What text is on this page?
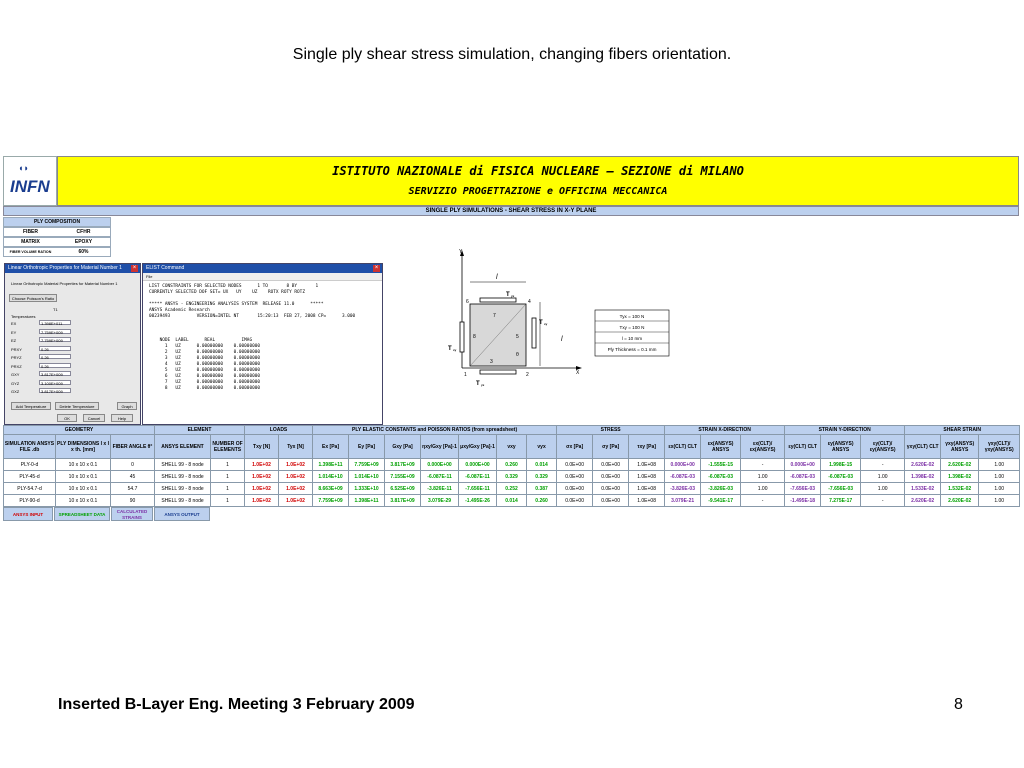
Single ply shear stress simulation, changing fibers orientation.
◖◗
INFN
ISTITUTO NAZIONALE di FISICA NUCLEARE – SEZIONE di MILANO
SERVIZIO PROGETTAZIONE e OFFICINA MECCANICA
SINGLE PLY SIMULATIONS - SHEAR STRESS IN X-Y PLANE
PLY COMPOSITION
FIBER	CFHR
MATRIX	EPOXY
FIBER VOLUME RATION	60%
Linear Orthotropic Properties for Material Number 1	×
Linear Orthotropic Material Properties for Material Number 1
Choose Poisson's Ratio
T1
Temperatures
EX	1.398E+011
EY	7.759E+009
EZ	7.759E+009
PRXY	0.26
PRYZ	0.26
PRXZ	0.26
GXY	3.817E+009
GYZ	3.100E+009
GXZ	3.817E+009
Add Temperature	Delete Temperature	Graph
OK	Cancel	Help
ELIST Command	×
File
LIST CONSTRAINTS FOR SELECTED NODES      1 TO       8 BY       1
CURRENTLY SELECTED DOF SET= UX   UY    UZ    ROTX ROTY ROTZ

***** ANSYS - ENGINEERING ANALYSIS SYSTEM  RELEASE 11.0      *****
ANSYS Academic Research
00239493          VERSION=INTEL NT       15:20:13  FEB 27, 2008 CP=      3.000

NODE  LABEL      REAL          IMAG
1   UZ      0.00000000    0.00000000
2   UZ      0.00000000    0.00000000
3   UZ      0.00000000    0.00000000
4   UZ      0.00000000    0.00000000
5   UZ      0.00000000    0.00000000
6   UZ      0.00000000    0.00000000
7   UZ      0.00000000    0.00000000
8   UZ      0.00000000    0.00000000
Y
X
l
l
6	4
7
8	5
3
1	2
θ
T yx
T xy
T xy
T yx
Tyx = 100 N
Txy = 100 N
l = 10 mm
Ply Thickness = 0.1 mm
GEOMETRY			ELEMENT		LOADS		PLY ELASTIC CONSTANTS and POISSON RATIOS (from spreadsheet)							STRESS			STRAIN X-DIRECTION			STRAIN Y-DIRECTION			SHEAR STRAIN		
SIMULATION ANSYS FILE .db	PLY DIMENSIONS l x l x th. [mm]	FIBER ANGLE θ°	ANSYS ELEMENT	NUMBER OF ELEMENTS	Txy [N]	Tyx [N]	Ex [Pa]	Ey [Pa]	Gxy [Pa]	ηxy/Gxy [Pa]-1	μxy/Gxy [Pa]-1	νxy	νyx	σx [Pa]	σy [Pa]	τxy [Pa]	εx(CLT) CLT	εx(ANSYS) ANSYS	εx(CLT)/εx(ANSYS)	εy(CLT) CLT	εy(ANSYS) ANSYS	εy(CLT)/εy(ANSYS)	γxy(CLT) CLT	γxy(ANSYS) ANSYS	γxy(CLT)/γxy(ANSYS)
PLY-0-d	10 x 10 x 0.1	0	SHELL 99 - 8 node	1	1.0E+02	1.0E+02	1.398E+11	7.759E+09	3.817E+09	0.000E+00	0.000E+00	0.260	0.014	0.0E+00	0.0E+00	1.0E+08	0.000E+00	-1.555E-15	-	0.000E+00	1.998E-15	-	2.620E-02	2.620E-02	1.00
PLY-45-d	10 x 10 x 0.1	45	SHELL 99 - 8 node	1	1.0E+02	1.0E+02	1.014E+10	1.014E+10	7.155E+09	-6.087E-11	-6.087E-11	0.329	0.329	0.0E+00	0.0E+00	1.0E+08	-6.087E-03	-6.087E-03	1.00	-6.087E-03	-6.087E-03	1.00	1.398E-02	1.398E-02	1.00
PLY-54.7-d	10 x 10 x 0.1	54.7	SHELL 99 - 8 node	1	1.0E+02	1.0E+02	8.663E+09	1.333E+10	6.525E+09	-3.826E-11	-7.656E-11	0.252	0.387	0.0E+00	0.0E+00	1.0E+08	-3.826E-03	-3.826E-03	1.00	-7.656E-03	-7.656E-03	1.00	1.533E-02	1.532E-02	1.00
PLY-90-d	10 x 10 x 0.1	90	SHELL 99 - 8 node	1	1.0E+02	1.0E+02	7.759E+09	1.398E+11	3.817E+09	3.079E-29	-1.495E-26	0.014	0.260	0.0E+00	0.0E+00	1.0E+08	3.079E-21	-9.541E-17	-	-1.495E-18	7.275E-17	-	2.620E-02	2.620E-02	1.00
ANSYS INPUT	SPREADSHEET DATA
CALCULATED STRAINS
ANSYS OUTPUT
Inserted B-Layer Eng. Meeting 3 February 2009	8
